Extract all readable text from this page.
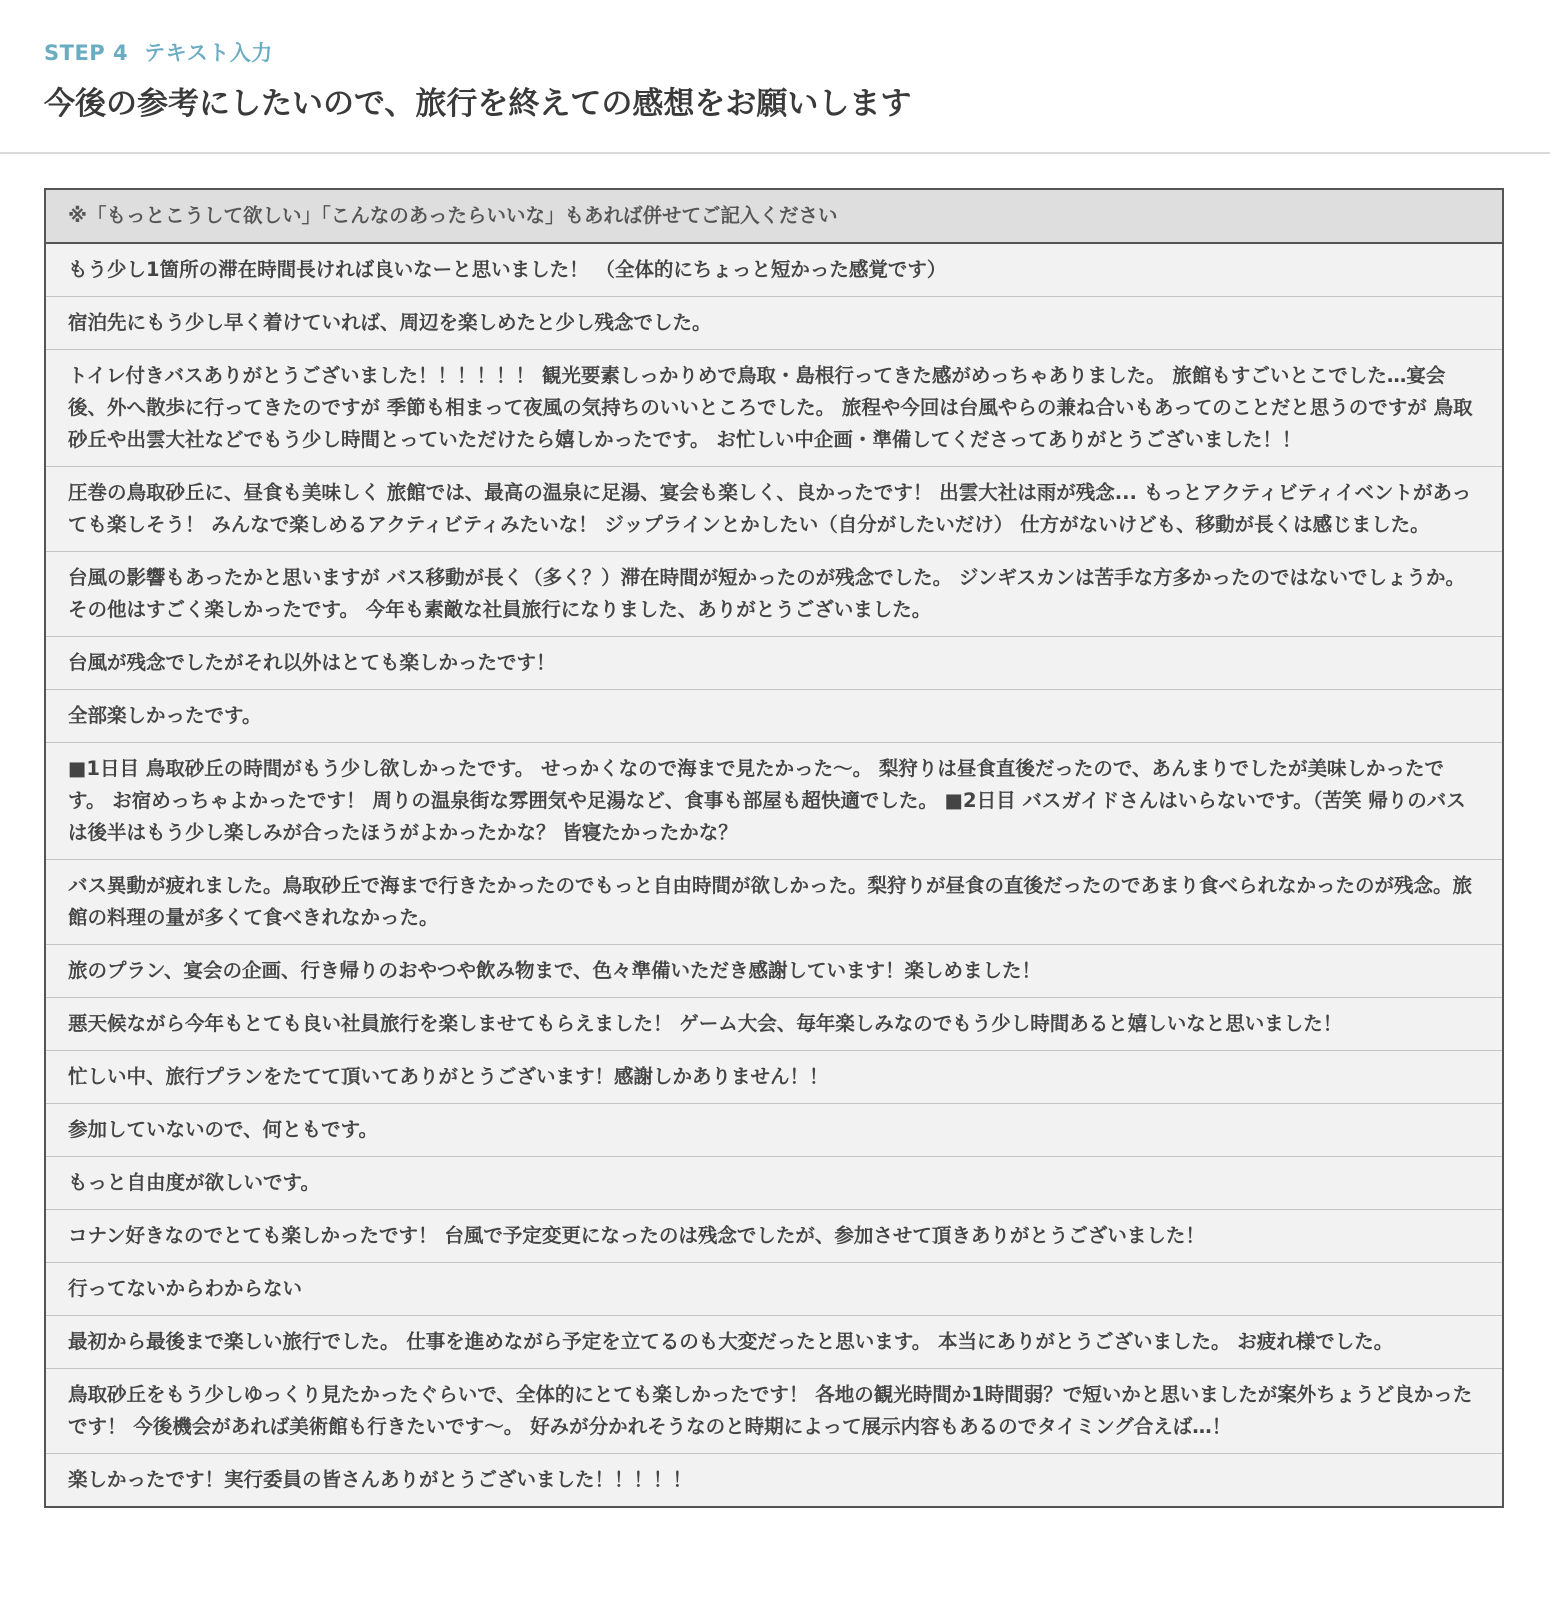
STEP 4 テキスト入力
今後の参考にしたいので、旅行を終えての感想をお願いします
※「もっとこうして欲しい」「こんなのあったらいいな」もあれば併せてご記入ください
もう少し1箇所の滞在時間長ければ良いなーと思いました！ （全体的にちょっと短かった感覚です）
宿泊先にもう少し早く着けていれば、周辺を楽しめたと少し残念でした。
トイレ付きバスありがとうございました！！！！！！ 観光要素しっかりめで鳥取・島根行ってきた感がめっちゃありました。 旅館もすごいとこでした…宴会後、外へ散歩に行ってきたのですが 季節も相まって夜風の気持ちのいいところでした。 旅程や今回は台風やらの兼ね合いもあってのことだと思うのですが 鳥取砂丘や出雲大社などでもう少し時間とっていただけたら嬉しかったです。 お忙しい中企画・準備してくださってありがとうございました！！
圧巻の鳥取砂丘に、昼食も美味しく 旅館では、最高の温泉に足湯、宴会も楽しく、良かったです！ 出雲大社は雨が残念... もっとアクティビティイベントがあっても楽しそう！ みんなで楽しめるアクティビティみたいな！ ジップラインとかしたい（自分がしたいだけ） 仕方がないけども、移動が長くは感じました。
台風の影響もあったかと思いますが バス移動が長く（多く？）滞在時間が短かったのが残念でした。 ジンギスカンは苦手な方多かったのではないでしょうか。 その他はすごく楽しかったです。 今年も素敵な社員旅行になりました、ありがとうございました。
台風が残念でしたがそれ以外はとても楽しかったです！
全部楽しかったです。
■1日目 鳥取砂丘の時間がもう少し欲しかったです。 せっかくなので海まで見たかった〜。 梨狩りは昼食直後だったので、あんまりでしたが美味しかったです。 お宿めっちゃよかったです！ 周りの温泉街な雰囲気や足湯など、食事も部屋も超快適でした。 ■2日目 バスガイドさんはいらないです。（苦笑 帰りのバスは後半はもう少し楽しみが合ったほうがよかったかな？ 皆寝たかったかな？
バス異動が疲れました。鳥取砂丘で海まで行きたかったのでもっと自由時間が欲しかった。梨狩りが昼食の直後だったのであまり食べられなかったのが残念。旅館の料理の量が多くて食べきれなかった。
旅のプラン、宴会の企画、行き帰りのおやつや飲み物まで、色々準備いただき感謝しています！楽しめました！
悪天候ながら今年もとても良い社員旅行を楽しませてもらえました！ ゲーム大会、毎年楽しみなのでもう少し時間あると嬉しいなと思いました！
忙しい中、旅行プランをたてて頂いてありがとうございます！感謝しかありません！！
参加していないので、何ともです。
もっと自由度が欲しいです。
コナン好きなのでとても楽しかったです！ 台風で予定変更になったのは残念でしたが、参加させて頂きありがとうございました！
行ってないからわからない
最初から最後まで楽しい旅行でした。 仕事を進めながら予定を立てるのも大変だったと思います。 本当にありがとうございました。 お疲れ様でした。
鳥取砂丘をもう少しゆっくり見たかったぐらいで、全体的にとても楽しかったです！ 各地の観光時間か1時間弱？で短いかと思いましたが案外ちょうど良かったです！ 今後機会があれば美術館も行きたいです〜。 好みが分かれそうなのと時期によって展示内容もあるのでタイミング合えば…！
楽しかったです！実行委員の皆さんありがとうございました！！！！！
